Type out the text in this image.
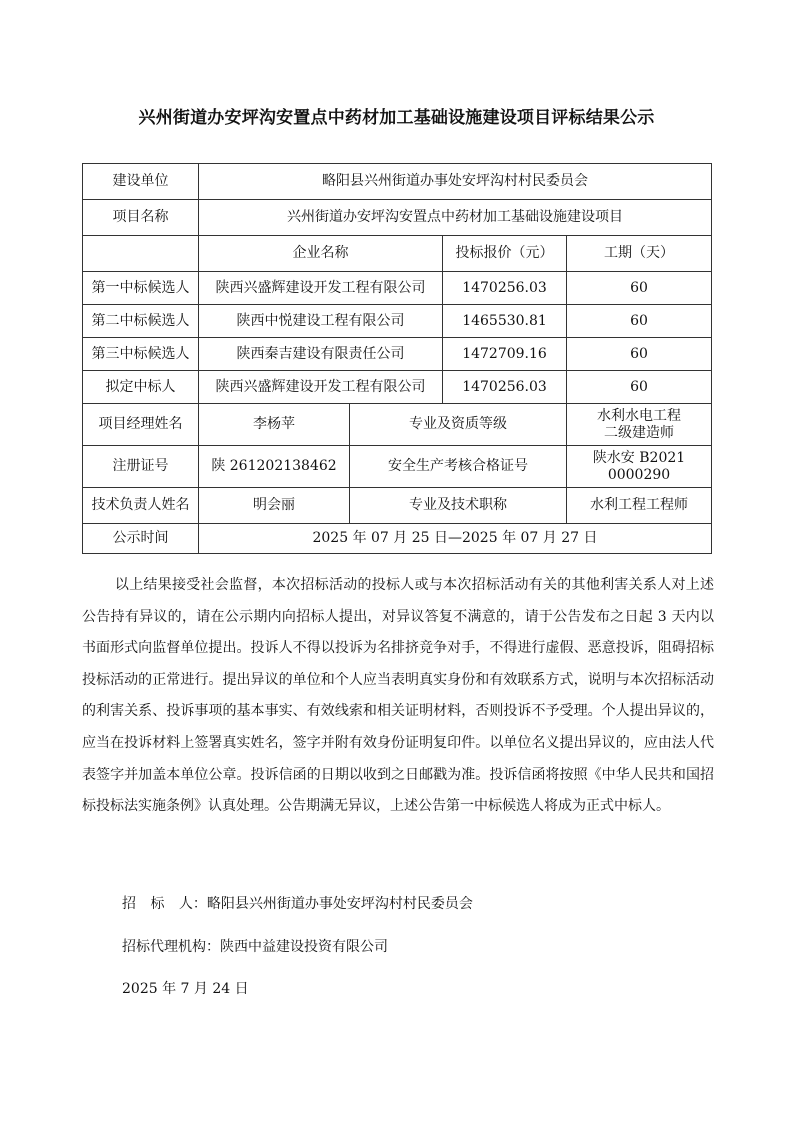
兴州街道办安坪沟安置点中药材加工基础设施建设项目评标结果公示
建设单位	略阳县兴州街道办事处安坪沟村村民委员会			
项目名称	兴州街道办安坪沟安置点中药材加工基础设施建设项目			
	企业名称		投标报价（元）	工期（天）
第一中标候选人	陕西兴盛辉建设开发工程有限公司		1470256.03	60
第二中标候选人	陕西中悦建设工程有限公司		1465530.81	60
第三中标候选人	陕西秦吉建设有限责任公司		1472709.16	60
拟定中标人	陕西兴盛辉建设开发工程有限公司		1470256.03	60
项目经理姓名	李杨苹	专业及资质等级		水利水电工程
二级建造师

注册证号	陕 261202138462	安全生产考核合格证号		陕水安 B2021
0000290

技术负责人姓名	明会丽	专业及技术职称		水利工程工程师
公示时间	2025 年 07 月 25 日—2025 年 07 月 27 日			

以上结果接受社会监督，本次招标活动的投标人或与本次招标活动有关的其他利害关系人对上述公告持有异议的，请在公示期内向招标人提出，对异议答复不满意的，请于公告发布之日起 3 天内以书面形式向监督单位提出。投诉人不得以投诉为名排挤竞争对手，不得进行虚假、恶意投诉，阻碍招标投标活动的正常进行。提出异议的单位和个人应当表明真实身份和有效联系方式，说明与本次招标活动的利害关系、投诉事项的基本事实、有效线索和相关证明材料，否则投诉不予受理。个人提出异议的，应当在投诉材料上签署真实姓名，签字并附有效身份证明复印件。以单位名义提出异议的，应由法人代表签字并加盖本单位公章。投诉信函的日期以收到之日邮戳为准。投诉信函将按照《中华人民共和国招标投标法实施条例》认真处理。公告期满无异议，上述公告第一中标候选人将成为正式中标人。

招 标 人：略阳县兴州街道办事处安坪沟村村民委员会
招标代理机构：陕西中益建设投资有限公司
2025 年 7 月 24 日
